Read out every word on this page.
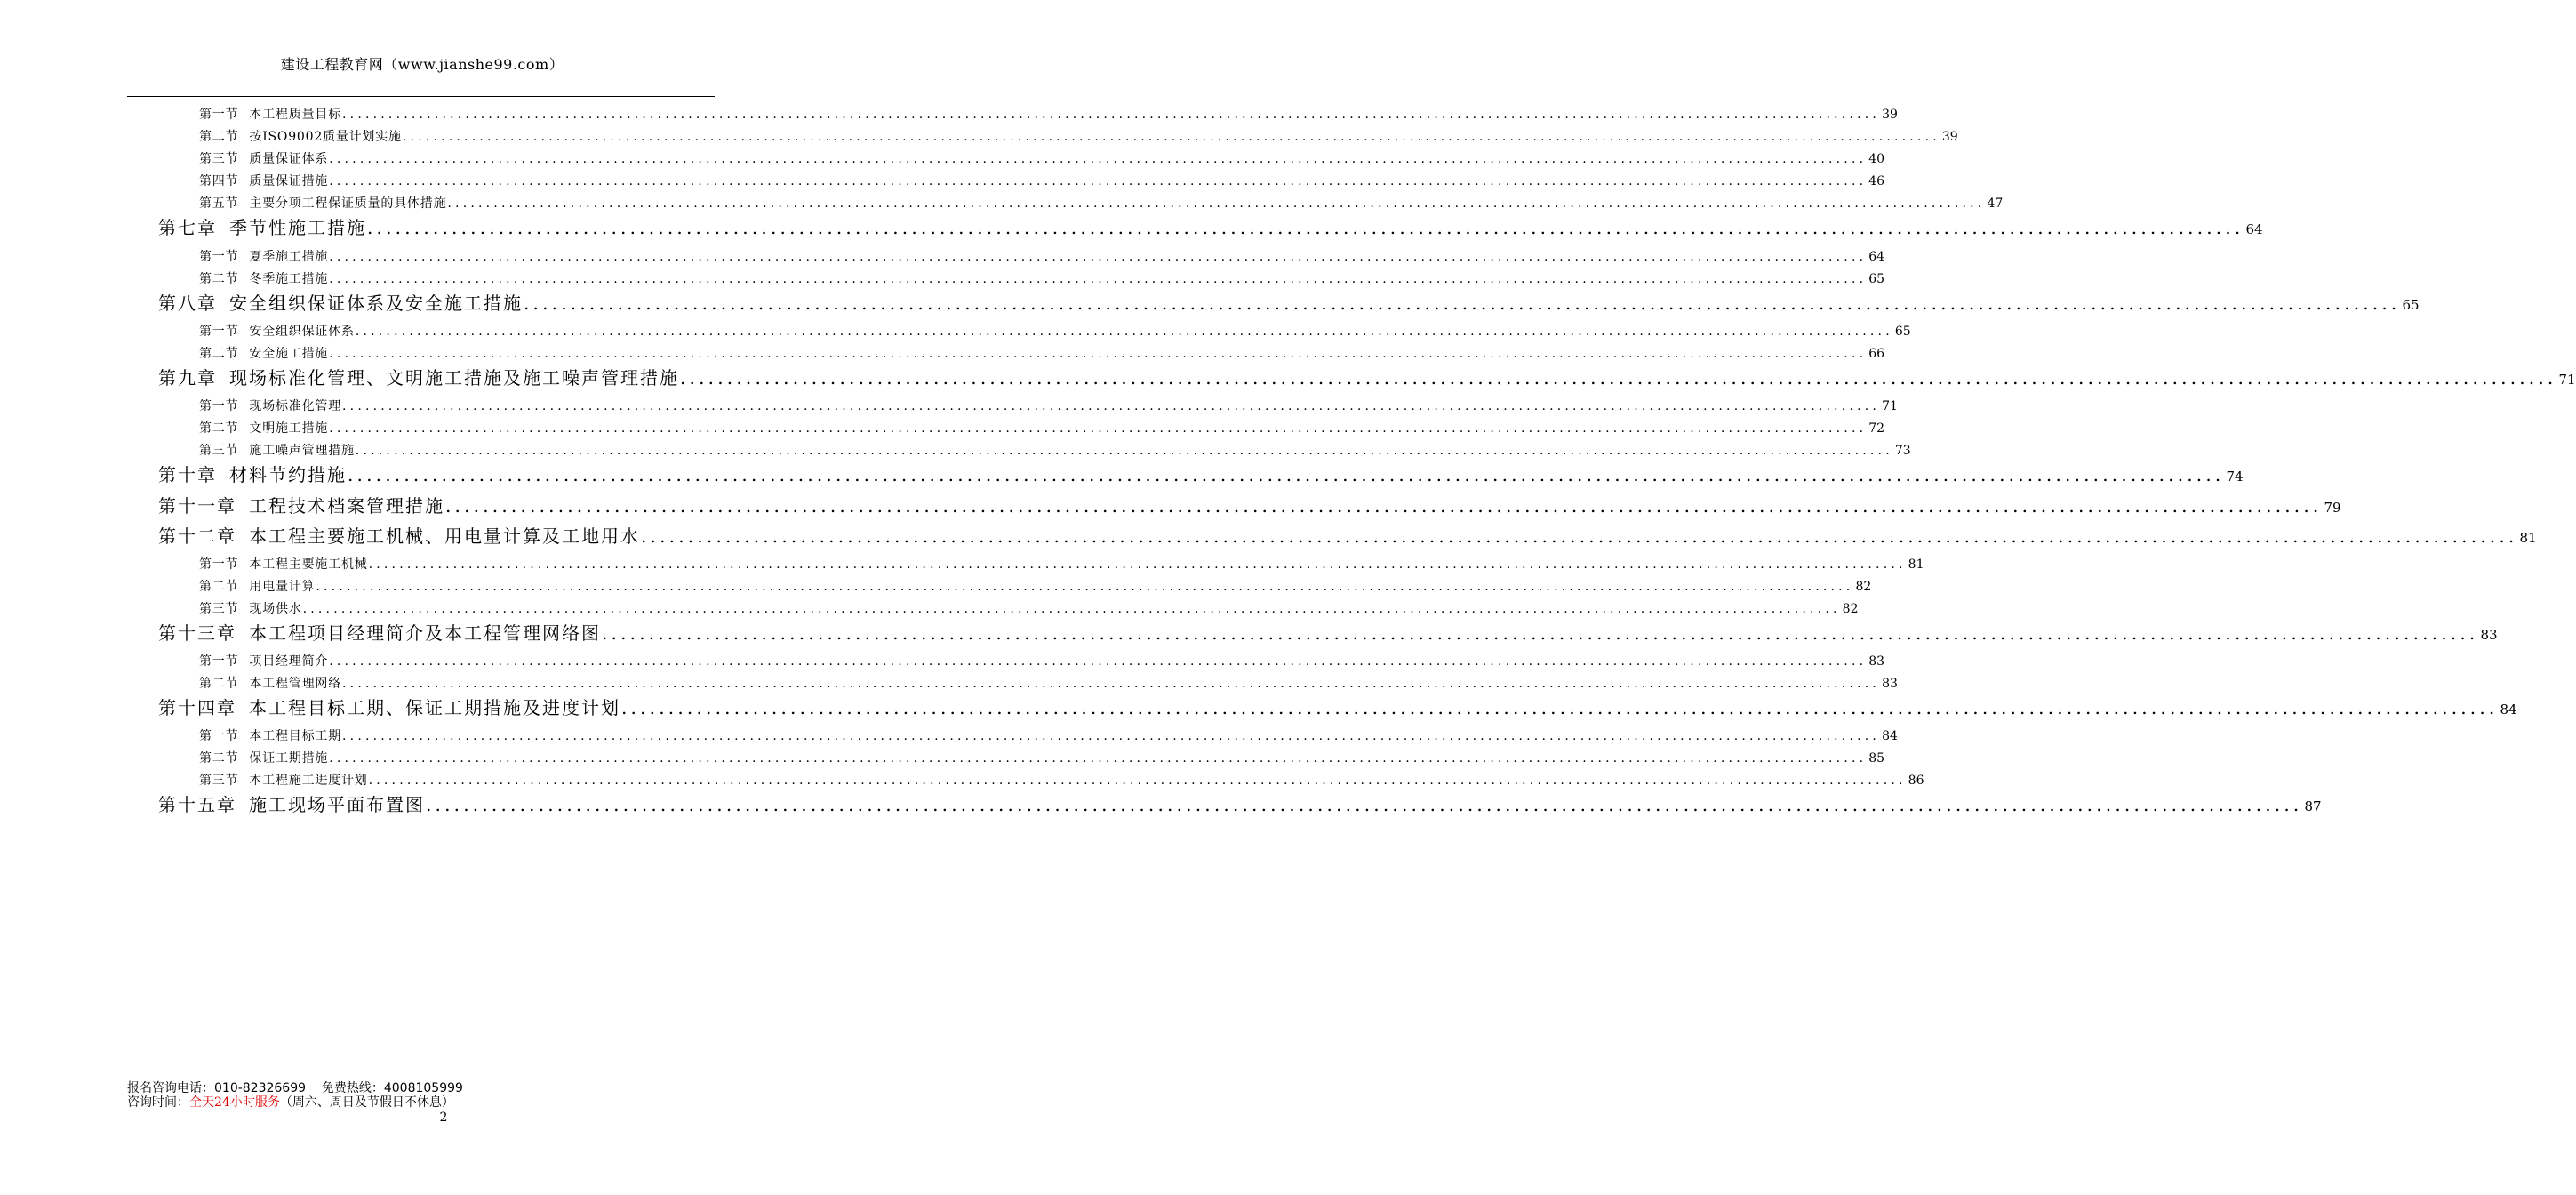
建设工程教育网（www.jianshe99.com）
第一节 本工程质量目标 ........................................................................................................................................................................................................ 39
第二节 按ISO9002质量计划实施 ........................................................................................................................................................................................................ 39
第三节 质量保证体系 ........................................................................................................................................................................................................ 40
第四节 质量保证措施 ........................................................................................................................................................................................................ 46
第五节 主要分项工程保证质量的具体措施 ........................................................................................................................................................................................................ 47
第七章 季节性施工措施 ........................................................................................................................................................................................................ 64
第一节 夏季施工措施 ........................................................................................................................................................................................................ 64
第二节 冬季施工措施 ........................................................................................................................................................................................................ 65
第八章 安全组织保证体系及安全施工措施 ........................................................................................................................................................................................................ 65
第一节 安全组织保证体系 ........................................................................................................................................................................................................ 65
第二节 安全施工措施 ........................................................................................................................................................................................................ 66
第九章 现场标准化管理、文明施工措施及施工噪声管理措施 ........................................................................................................................................................................................................ 71
第一节 现场标准化管理 ........................................................................................................................................................................................................ 71
第二节 文明施工措施 ........................................................................................................................................................................................................ 72
第三节 施工噪声管理措施 ........................................................................................................................................................................................................ 73
第十章 材料节约措施 ........................................................................................................................................................................................................ 74
第十一章 工程技术档案管理措施 ........................................................................................................................................................................................................ 79
第十二章 本工程主要施工机械、用电量计算及工地用水 ........................................................................................................................................................................................................ 81
第一节 本工程主要施工机械 ........................................................................................................................................................................................................ 81
第二节 用电量计算 ........................................................................................................................................................................................................ 82
第三节 现场供水 ........................................................................................................................................................................................................ 82
第十三章 本工程项目经理简介及本工程管理网络图 ........................................................................................................................................................................................................ 83
第一节 项目经理简介 ........................................................................................................................................................................................................ 83
第二节 本工程管理网络 ........................................................................................................................................................................................................ 83
第十四章 本工程目标工期、保证工期措施及进度计划 ........................................................................................................................................................................................................ 84
第一节 本工程目标工期 ........................................................................................................................................................................................................ 84
第二节 保证工期措施 ........................................................................................................................................................................................................ 85
第三节 本工程施工进度计划 ........................................................................................................................................................................................................ 86
第十五章 施工现场平面布置图 ........................................................................................................................................................................................................ 87
报名咨询电话：010-82326699 免费热线：4008105999
咨询时间：全天24小时服务（周六、周日及节假日不休息）
2
